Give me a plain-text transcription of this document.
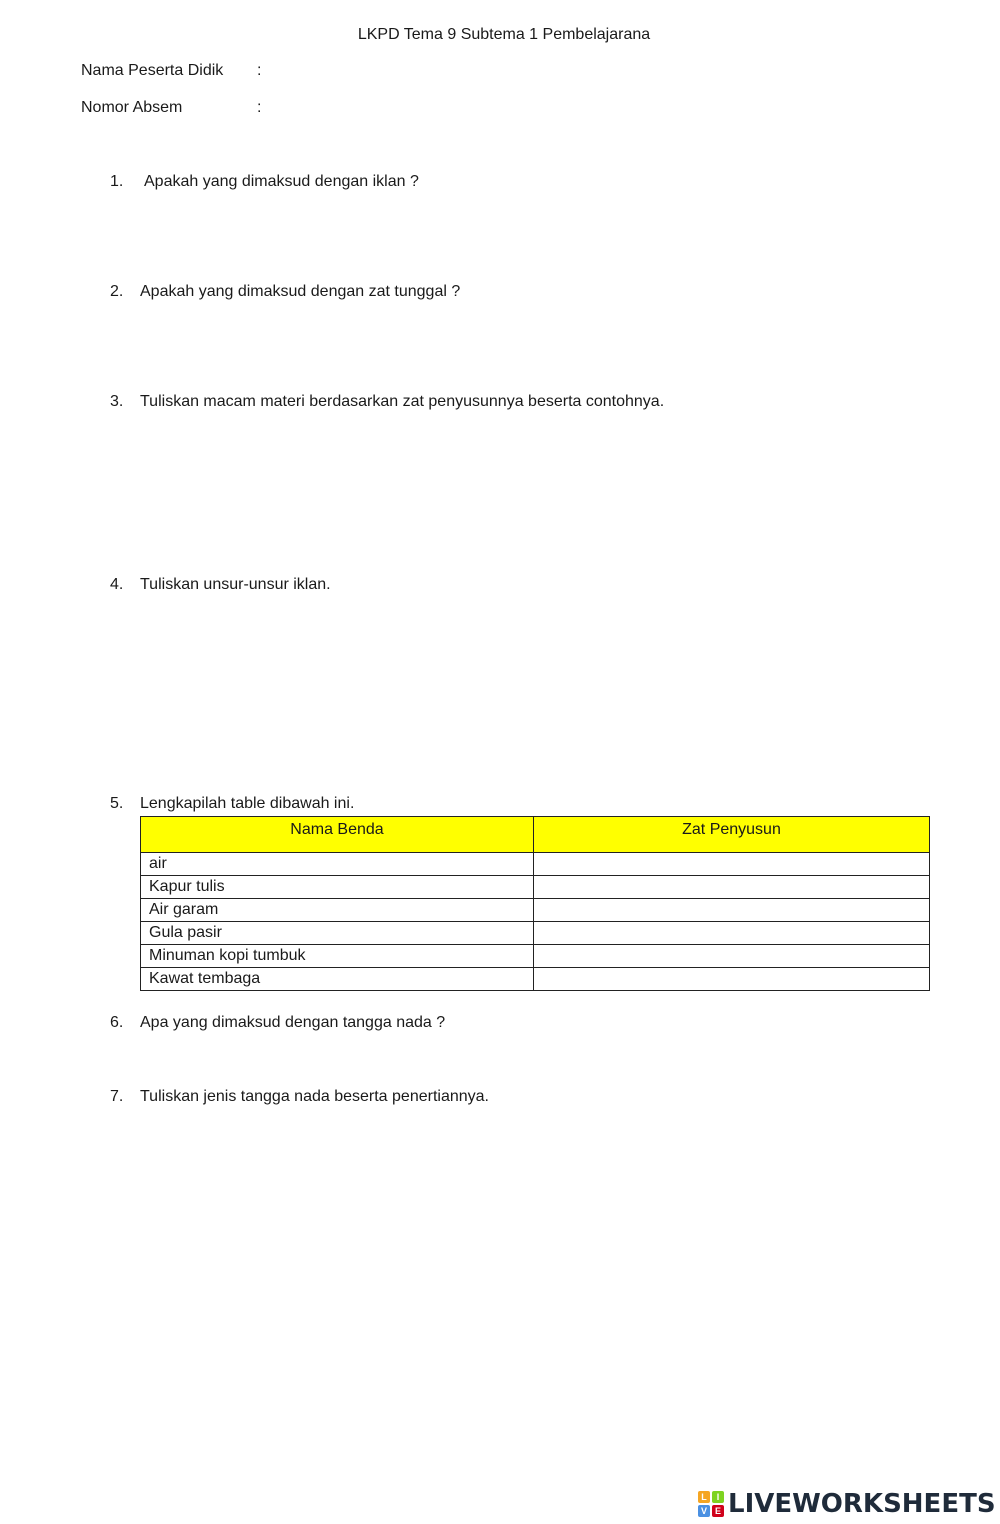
LKPD Tema 9 Subtema 1 Pembelajarana
Nama Peserta Didik :
Nomor Absem	:
1. Apakah yang dimaksud dengan iklan ?
2. Apakah yang dimaksud dengan zat tunggal ?
3. Tuliskan macam materi berdasarkan zat penyusunnya beserta contohnya.
4. Tuliskan unsur-unsur iklan.
5. Lengkapilah table dibawah ini.
Nama Benda	Zat Penyusun
air	
Kapur tulis	
Air garam	
Gula pasir	
Minuman kopi tumbuk	
Kawat tembaga	
6. Apa yang dimaksud dengan tangga nada ?
7. Tuliskan jenis tangga nada beserta penertiannya.
L	I
V E LIVEWORKSHEETS
